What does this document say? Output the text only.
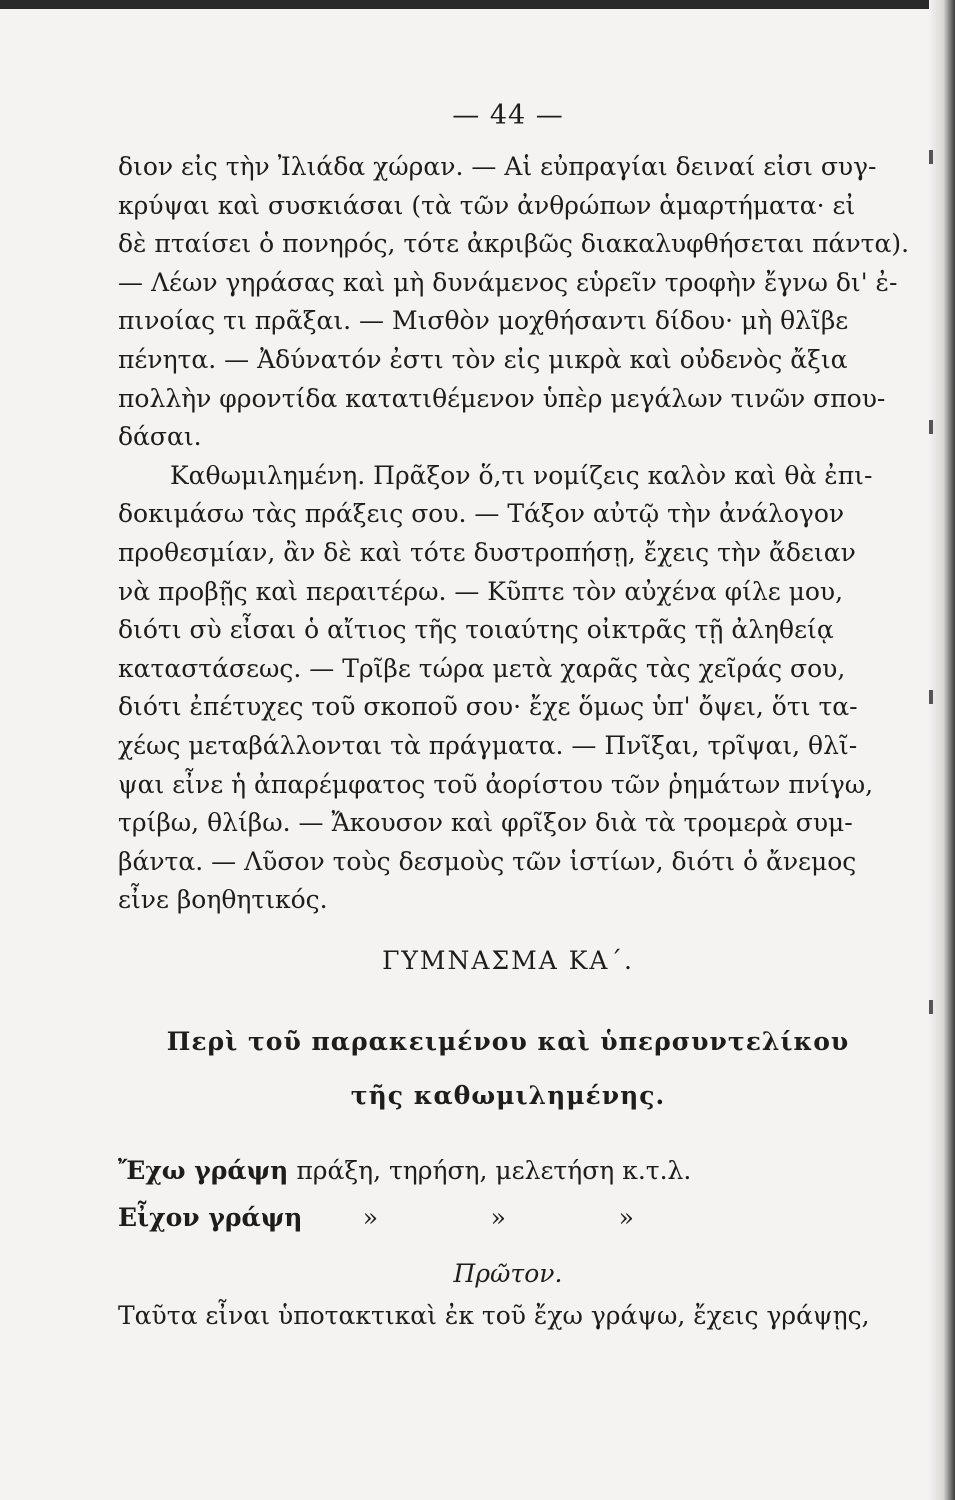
— 44 —
διον εἰς τὴν Ἰλιάδα χώραν. — Αἱ εὐπραγίαι δειναί εἰσι συγ-
κρύψαι καὶ συσκιάσαι (τὰ τῶν ἀνθρώπων ἁμαρτήματα· εἰ
δὲ πταίσει ὁ πονηρός, τότε ἀκριβῶς διακαλυφθήσεται πάντα).
— Λέων γηράσας καὶ μὴ δυνάμενος εὑρεῖν τροφὴν ἔγνω δι' ἐ-
πινοίας τι πρᾶξαι. — Μισθὸν μοχθήσαντι δίδου· μὴ θλῖβε
πένητα. — Ἀδύνατόν ἐστι τὸν εἰς μικρὰ καὶ οὐδενὸς ἄξια
πολλὴν φροντίδα κατατιθέμενον ὑπὲρ μεγάλων τινῶν σπου-
δάσαι.
Καθωμιλημένη. Πρᾶξον ὅ,τι νομίζεις καλὸν καὶ θὰ ἐπι-
δοκιμάσω τὰς πράξεις σου. — Τάξον αὐτῷ τὴν ἀνάλογον
προθεσμίαν, ἂν δὲ καὶ τότε δυστροπήσῃ, ἔχεις τὴν ἄδειαν
νὰ προβῇς καὶ περαιτέρω. — Κῦπτε τὸν αὐχένα φίλε μου,
διότι σὺ εἶσαι ὁ αἴτιος τῆς τοιαύτης οἰκτρᾶς τῇ ἀληθείᾳ
καταστάσεως. — Τρῖβε τώρα μετὰ χαρᾶς τὰς χεῖράς σου,
διότι ἐπέτυχες τοῦ σκοποῦ σου· ἔχε ὅμως ὑπ' ὄψει, ὅτι τα-
χέως μεταβάλλονται τὰ πράγματα. — Πνῖξαι, τρῖψαι, θλῖ-
ψαι εἶνε ἡ ἀπαρέμφατος τοῦ ἀορίστου τῶν ῥημάτων πνίγω,
τρίβω, θλίβω. — Ἄκουσον καὶ φρῖξον διὰ τὰ τρομερὰ συμ-
βάντα. — Λῦσον τοὺς δεσμοὺς τῶν ἱστίων, διότι ὁ ἄνεμος
εἶνε βοηθητικός.
ΓΥΜΝΑΣΜΑ ΚΑ΄.
Περὶ τοῦ παρακειμένου καὶ ὑπερσυντελίκου
τῆς καθωμιλημένης.
Ἔχω γράψη πράξη, τηρήση, μελετήση κ.τ.λ.
Εἶχον γράψη »	»	»
Πρῶτον.
Ταῦτα εἶναι ὑποτακτικαὶ ἐκ τοῦ ἔχω γράψω, ἔχεις γράψῃς,
